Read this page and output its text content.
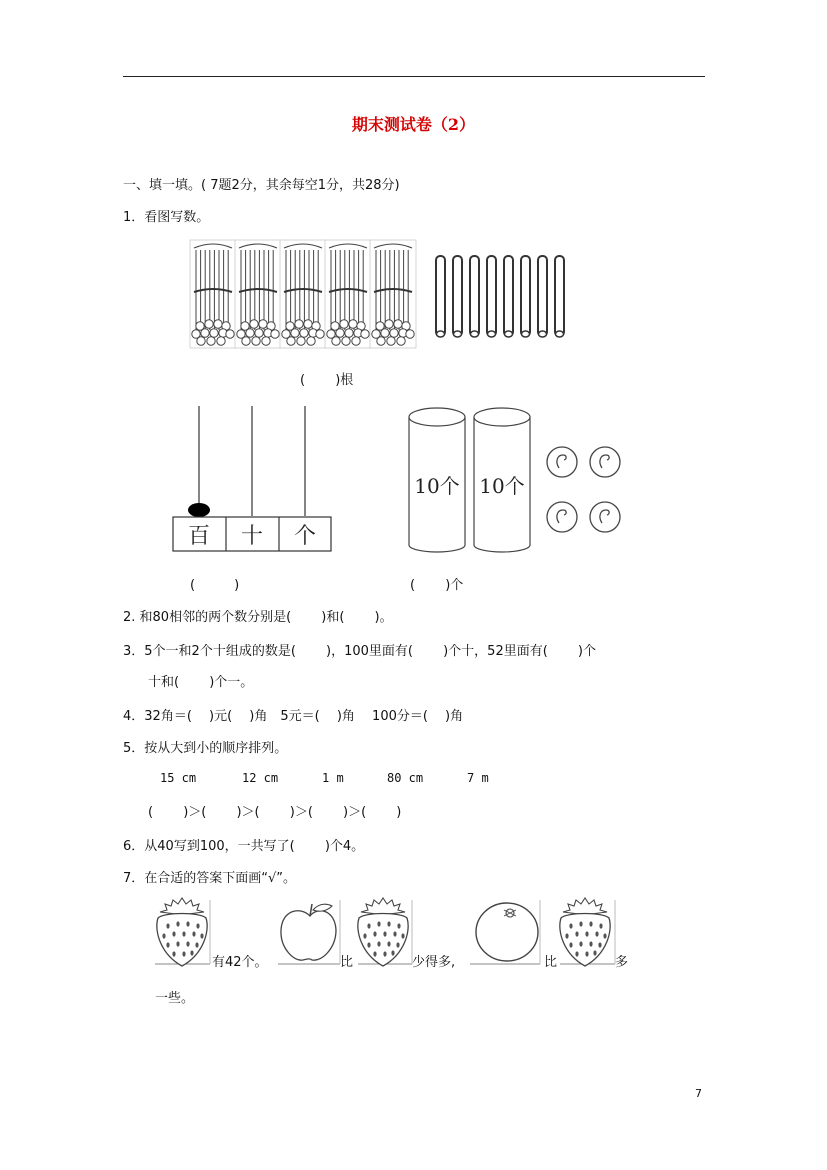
期末测试卷（2）
一、填一填。( 7题2分，其余每空1分，共28分)
1．看图写数。
(　　 )根
百 十 个
10个 10个
(　　　)	(　　 )个
2. 和80相邻的两个数分别是(　　 )和(　　 )。
3．5个一和2个十组成的数是(　　 )，100里面有(　　 )个十，52里面有(　　 )个
十和(　　 )个一。
4．32角＝(　 )元(　 )角　5元＝(　 )角　 100分＝(　 )角
5．按从大到小的顺序排列。
15 cm	12 cm	1 m	80 cm	7 m
(　　 )＞(　　 )＞(　　 )＞(　　 )＞(　　 )
6．从40写到100，一共写了(　　 )个4。
7．在合适的答案下面画“√”。
有42个。	比	少得多,	比	多
一些。
7
